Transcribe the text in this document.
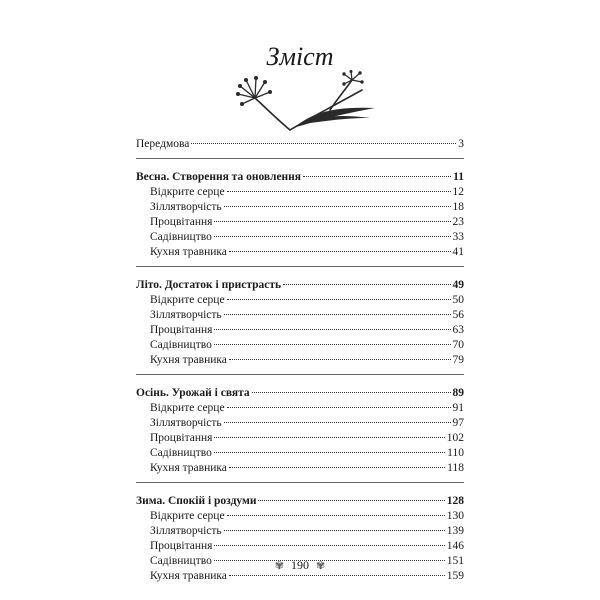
Зміст
Передмова	3
Весна. Створення та оновлення	11
Відкрите серце	12
Зіллятворчість	18
Процвітання	23
Садівництво	33
Кухня травника	41
Літо. Достаток і пристрасть	49
Відкрите серце	50
Зіллятворчість	56
Процвітання	63
Садівництво	70
Кухня травника	79
Осінь. Урожай і свята	89
Відкрите серце	91
Зіллятворчість	97
Процвітання	102
Садівництво	110
Кухня травника	118
Зима. Спокій і роздуми	128
Відкрите серце	130
Зіллятворчість	139
Процвітання	146
Садівництво	151
Кухня травника	159
✾ 190 ✾
